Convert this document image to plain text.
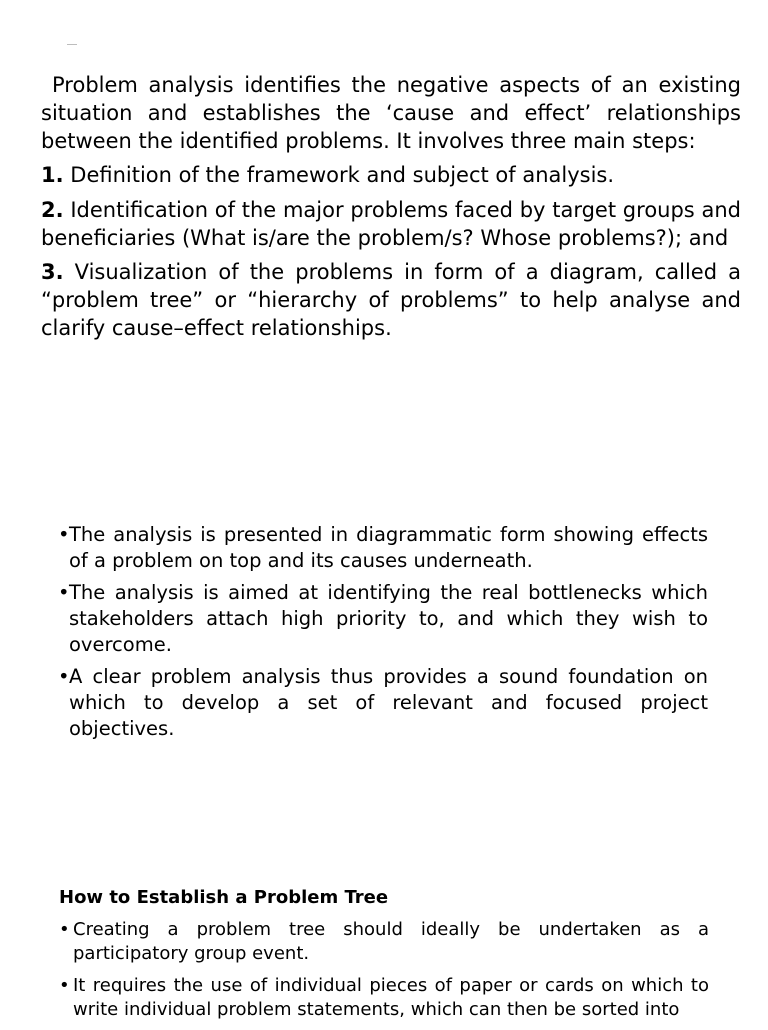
Problem analysis identifies the negative aspects of an existing situation and establishes the ‘cause and effect’ relationships between the identified problems. It involves three main steps:

1. Definition of the framework and subject of analysis.

2. Identification of the major problems faced by target groups and beneficiaries (What is/are the problem/s? Whose problems?); and

3. Visualization of the problems in form of a diagram, called a “problem tree” or “hierarchy of problems” to help analyse and clarify cause–effect relationships.

• The analysis is presented in diagrammatic form showing effects of a problem on top and its causes underneath.
• The analysis is aimed at identifying the real bottlenecks which stakeholders attach high priority to, and which they wish to overcome.
• A clear problem analysis thus provides a sound foundation on which to develop a set of relevant and focused project objectives.

How to Establish a Problem Tree

• Creating a problem tree should ideally be undertaken as a participatory group event.
• It requires the use of individual pieces of paper or cards on which to write individual problem statements, which can then be sorted into
